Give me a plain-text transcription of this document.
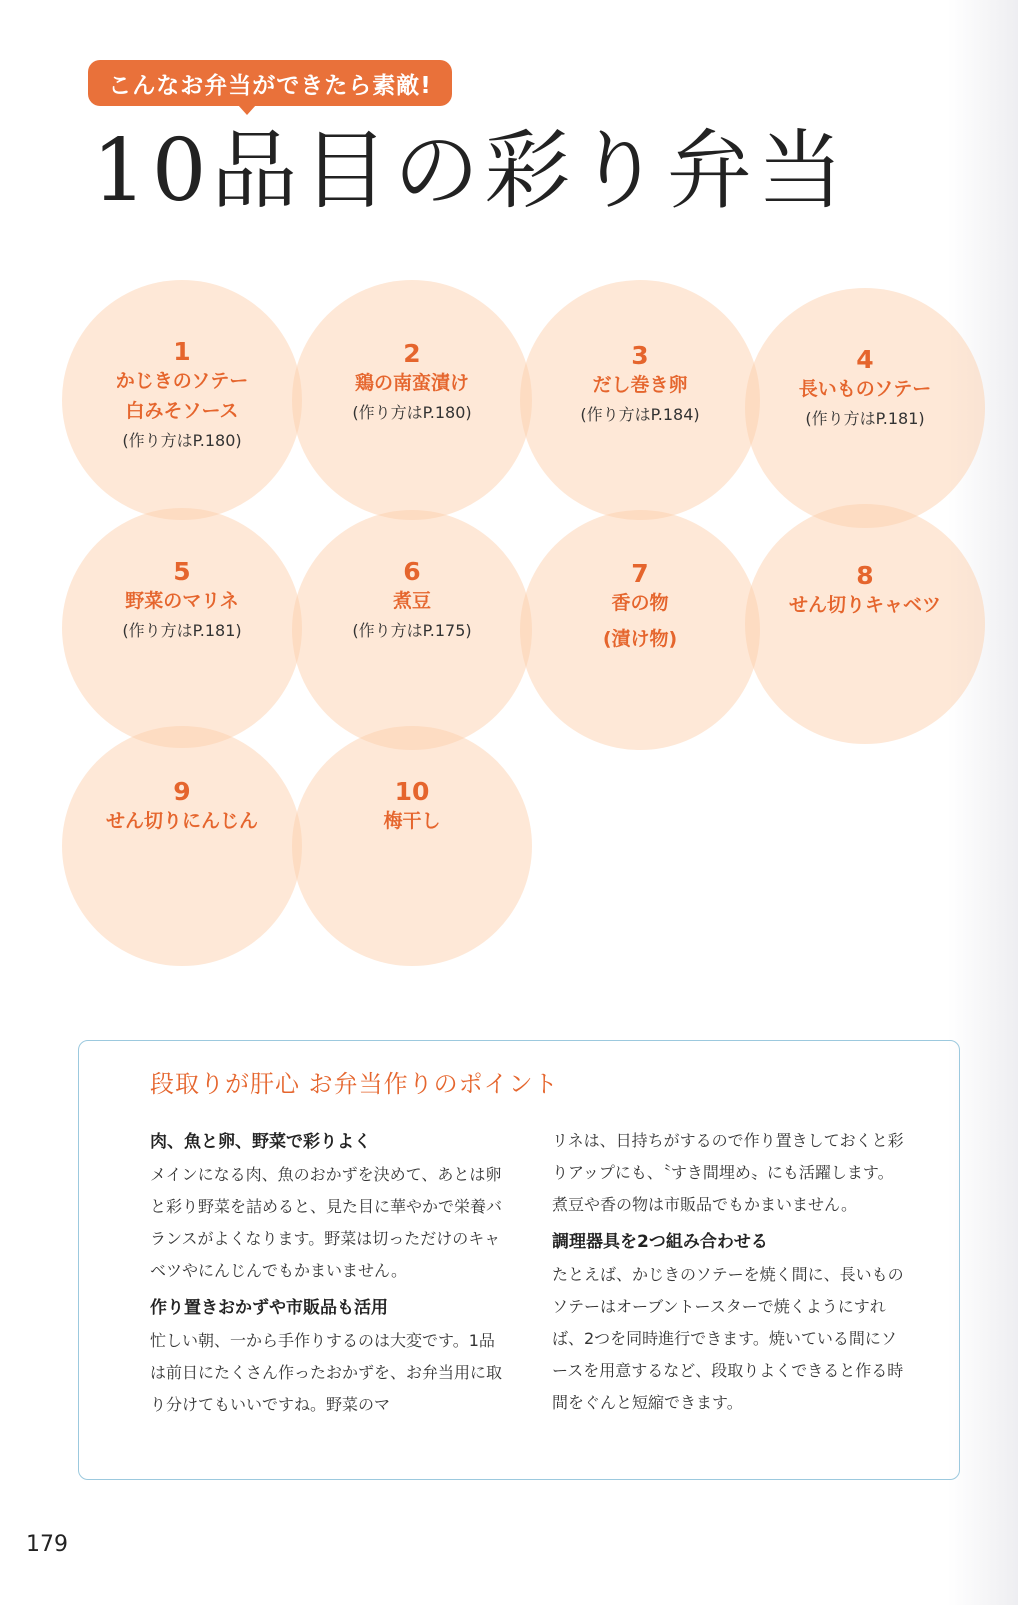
こんなお弁当ができたら素敵!
10品目の彩り弁当
1
かじきのソテー
白みそソース
(作り方はP.180)
2
鶏の南蛮漬け
(作り方はP.180)
3
だし巻き卵
(作り方はP.184)
4
長いものソテー
(作り方はP.181)
5
野菜のマリネ
(作り方はP.181)
6
煮豆
(作り方はP.175)
7
香の物
(漬け物)
8
せん切りキャベツ
9
せん切りにんじん
10
梅干し
段取りが肝心 お弁当作りのポイント
肉、魚と卵、野菜で彩りよく

メインになる肉、魚のおかずを決めて、あとは卵と彩り野菜を詰めると、見た目に華やかで栄養バランスがよくなります。野菜は切っただけのキャベツやにんじんでもかまいません。

作り置きおかずや市販品も活用

忙しい朝、一から手作りするのは大変です。1品は前日にたくさん作ったおかずを、お弁当用に取り分けてもいいですね。野菜のマ

リネは、日持ちがするので作り置きしておくと彩りアップにも、〝すき間埋め〟にも活躍します。煮豆や香の物は市販品でもかまいません。

調理器具を2つ組み合わせる

たとえば、かじきのソテーを焼く間に、長いものソテーはオーブントースターで焼くようにすれば、2つを同時進行できます。焼いている間にソースを用意するなど、段取りよくできると作る時間をぐんと短縮できます。

179
